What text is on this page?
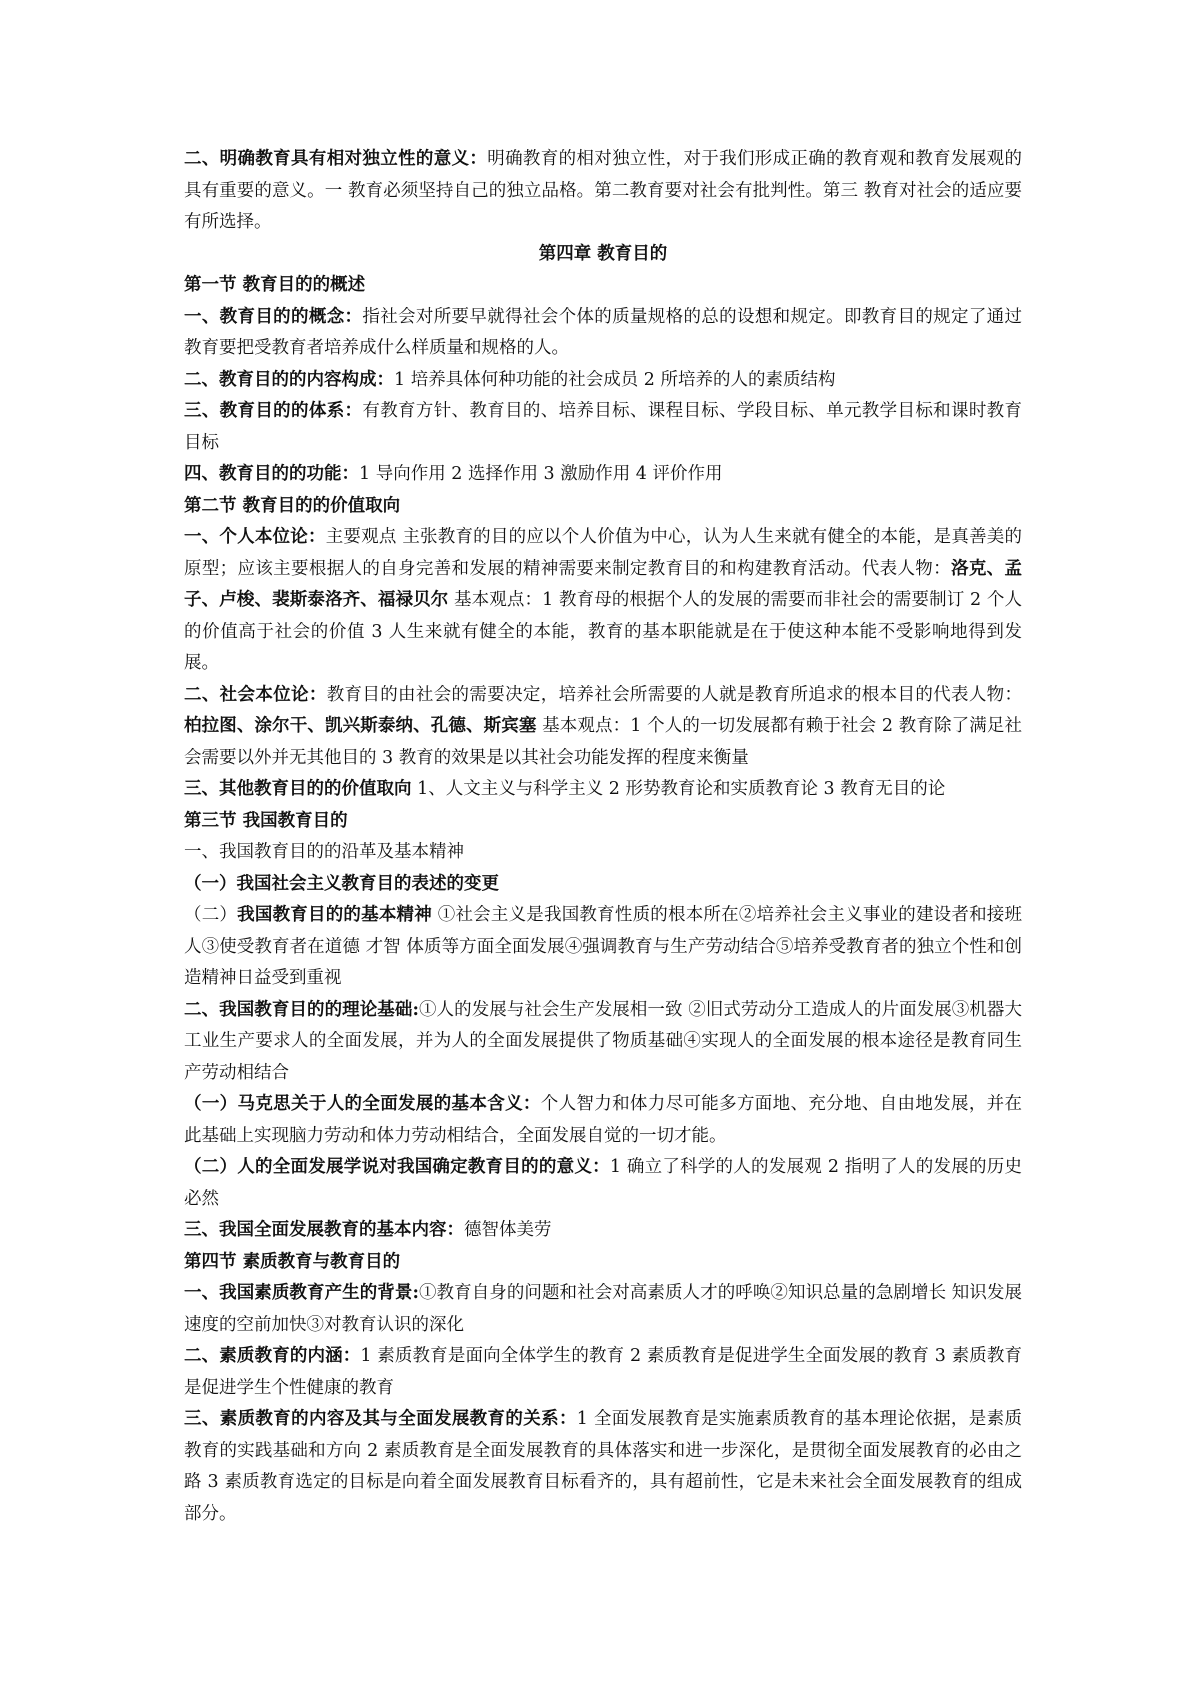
二、明确教育具有相对独立性的意义：明确教育的相对独立性，对于我们形成正确的教育观和教育发展观的具有重要的意义。一 教育必须坚持自己的独立品格。第二教育要对社会有批判性。第三 教育对社会的适应要有所选择。

第四章 教育目的

第一节 教育目的的概述

一、教育目的的概念：指社会对所要早就得社会个体的质量规格的总的设想和规定。即教育目的规定了通过教育要把受教育者培养成什么样质量和规格的人。

二、教育目的的内容构成：1 培养具体何种功能的社会成员 2 所培养的人的素质结构

三、教育目的的体系：有教育方针、教育目的、培养目标、课程目标、学段目标、单元教学目标和课时教育目标

四、教育目的的功能：1 导向作用 2 选择作用 3 激励作用 4 评价作用

第二节 教育目的的价值取向

一、个人本位论：主要观点 主张教育的目的应以个人价值为中心，认为人生来就有健全的本能，是真善美的原型；应该主要根据人的自身完善和发展的精神需要来制定教育目的和构建教育活动。代表人物：洛克、孟子、卢梭、裴斯泰洛齐、福禄贝尔 基本观点：1 教育母的根据个人的发展的需要而非社会的需要制订 2 个人的价值高于社会的价值 3 人生来就有健全的本能，教育的基本职能就是在于使这种本能不受影响地得到发展。

二、社会本位论：教育目的由社会的需要决定，培养社会所需要的人就是教育所追求的根本目的代表人物：柏拉图、涂尔干、凯兴斯泰纳、孔德、斯宾塞 基本观点：1 个人的一切发展都有赖于社会 2 教育除了满足社会需要以外并无其他目的 3 教育的效果是以其社会功能发挥的程度来衡量

三、其他教育目的的价值取向 1、人文主义与科学主义 2 形势教育论和实质教育论 3 教育无目的论

第三节 我国教育目的

一、我国教育目的的沿革及基本精神

（一）我国社会主义教育目的表述的变更

（二）我国教育目的的基本精神 ①社会主义是我国教育性质的根本所在②培养社会主义事业的建设者和接班人③使受教育者在道德 才智 体质等方面全面发展④强调教育与生产劳动结合⑤培养受教育者的独立个性和创造精神日益受到重视

二、我国教育目的的理论基础:①人的发展与社会生产发展相一致 ②旧式劳动分工造成人的片面发展③机器大工业生产要求人的全面发展，并为人的全面发展提供了物质基础④实现人的全面发展的根本途径是教育同生产劳动相结合

（一）马克思关于人的全面发展的基本含义：个人智力和体力尽可能多方面地、充分地、自由地发展，并在此基础上实现脑力劳动和体力劳动相结合，全面发展自觉的一切才能。

（二）人的全面发展学说对我国确定教育目的的意义：1 确立了科学的人的发展观 2 指明了人的发展的历史必然

三、我国全面发展教育的基本内容：德智体美劳

第四节 素质教育与教育目的

一、我国素质教育产生的背景:①教育自身的问题和社会对高素质人才的呼唤②知识总量的急剧增长 知识发展速度的空前加快③对教育认识的深化

二、素质教育的内涵：1 素质教育是面向全体学生的教育 2 素质教育是促进学生全面发展的教育 3 素质教育是促进学生个性健康的教育

三、素质教育的内容及其与全面发展教育的关系：1 全面发展教育是实施素质教育的基本理论依据，是素质教育的实践基础和方向 2 素质教育是全面发展教育的具体落实和进一步深化，是贯彻全面发展教育的必由之路 3 素质教育选定的目标是向着全面发展教育目标看齐的，具有超前性，它是未来社会全面发展教育的组成部分。
